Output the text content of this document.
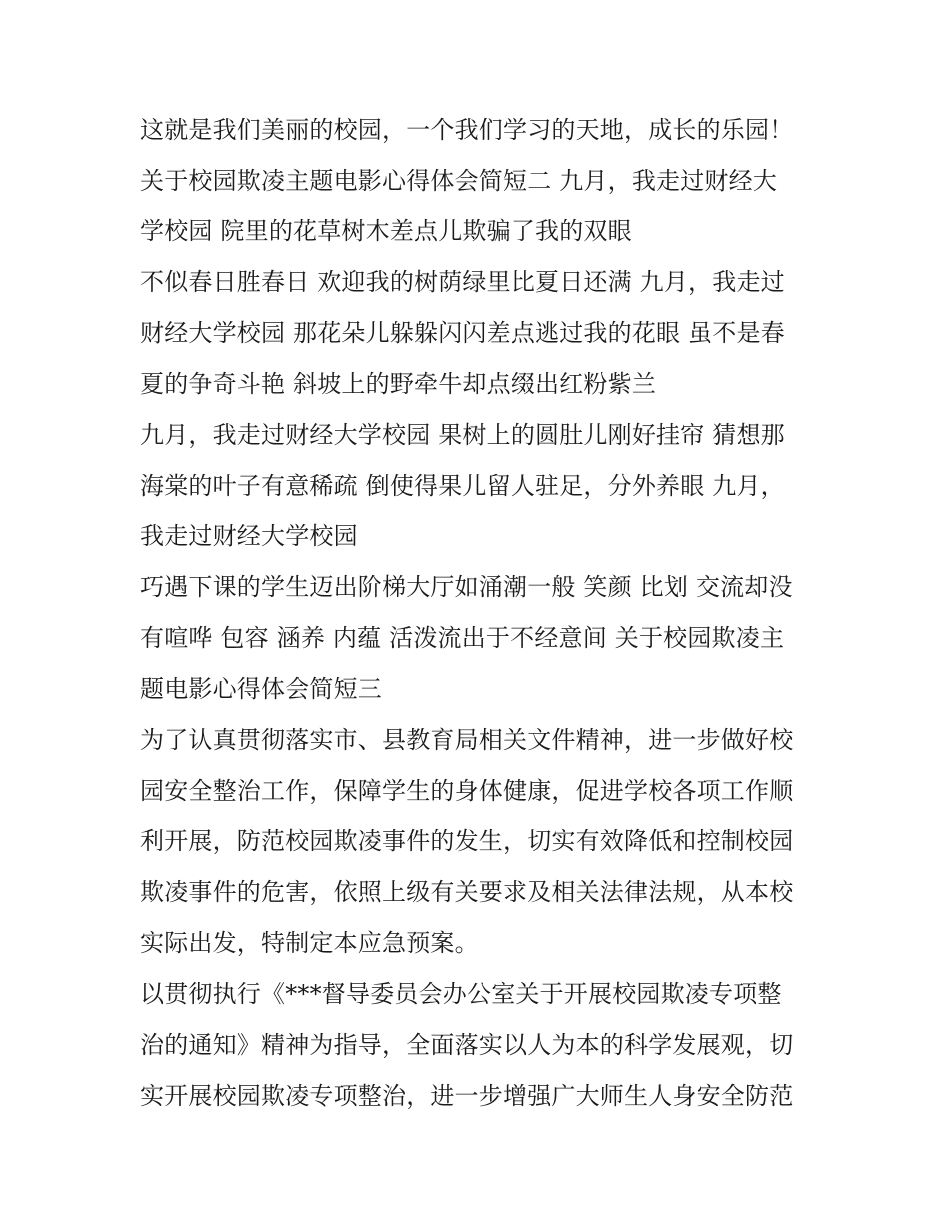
这就是我们美丽的校园，一个我们学习的天地，成长的乐园！
关于校园欺凌主题电影心得体会简短二 九月，我走过财经大
学校园 院里的花草树木差点儿欺骗了我的双眼
不似春日胜春日 欢迎我的树荫绿里比夏日还满 九月，我走过
财经大学校园 那花朵儿躲躲闪闪差点逃过我的花眼 虽不是春
夏的争奇斗艳 斜坡上的野牵牛却点缀出红粉紫兰
九月，我走过财经大学校园 果树上的圆肚儿刚好挂帘 猜想那
海棠的叶子有意稀疏 倒使得果儿留人驻足，分外养眼 九月，
我走过财经大学校园
巧遇下课的学生迈出阶梯大厅如涌潮一般 笑颜 比划 交流却没
有喧哗 包容 涵养 内蕴 活泼流出于不经意间 关于校园欺凌主
题电影心得体会简短三
为了认真贯彻落实市、县教育局相关文件精神，进一步做好校
园安全整治工作，保障学生的身体健康，促进学校各项工作顺
利开展，防范校园欺凌事件的发生，切实有效降低和控制校园
欺凌事件的危害，依照上级有关要求及相关法律法规，从本校
实际出发，特制定本应急预案。
以贯彻执行《***督导委员会办公室关于开展校园欺凌专项整
治的通知》精神为指导，全面落实以人为本的科学发展观，切
实开展校园欺凌专项整治，进一步增强广大师生人身安全防范
